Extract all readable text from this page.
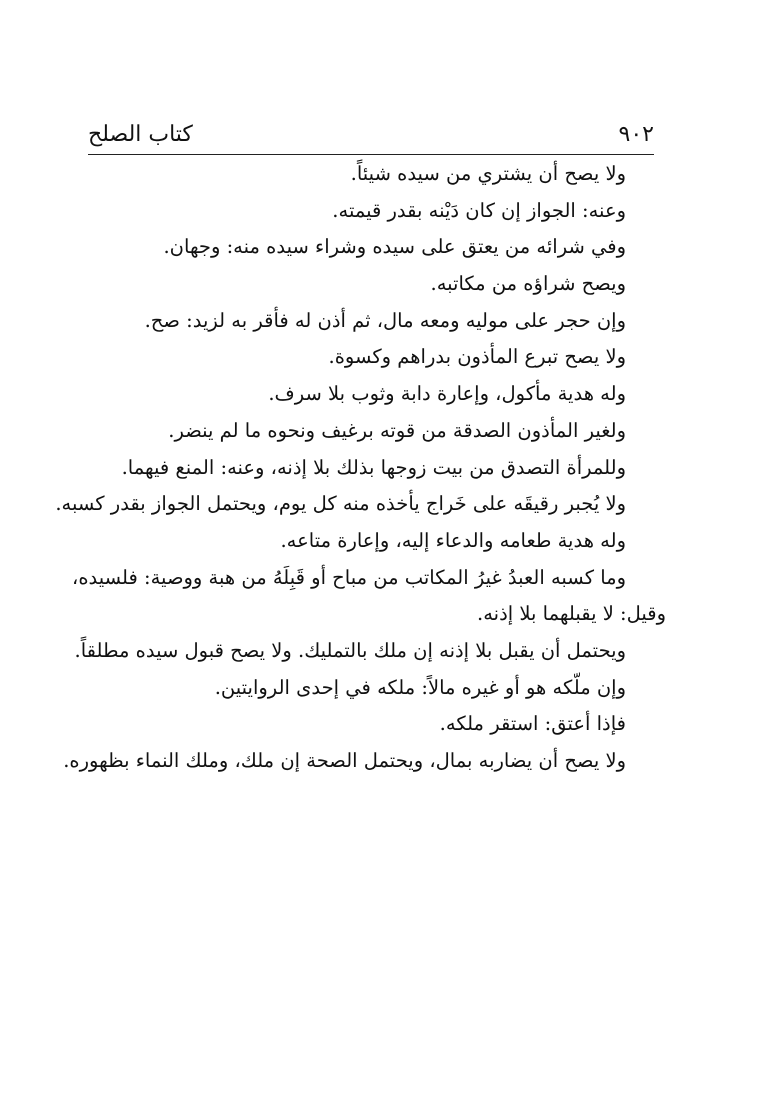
كتاب الصلح	٩٠٢
ولا يصح أن يشتري من سيده شيئاً.
وعنه: الجواز إن كان دَيْنه بقدر قيمته.
وفي شرائه من يعتق على سيده وشراء سيده منه: وجهان.
ويصح شراؤه من مكاتبه.
وإن حجر على موليه ومعه مال، ثم أذن له فأقر به لزيد: صح.
ولا يصح تبرع المأذون بدراهم وكسوة.
وله هدية مأكول، وإعارة دابة وثوب بلا سرف.
ولغير المأذون الصدقة من قوته برغيف ونحوه ما لم ينضر.
وللمرأة التصدق من بيت زوجها بذلك بلا إذنه، وعنه: المنع فيهما.
ولا يُجبر رقيقَه على خَراج يأخذه منه كل يوم، ويحتمل الجواز بقدر كسبه.
وله هدية طعامه والدعاء إليه، وإعارة متاعه.
وما كسبه العبدُ غيرُ المكاتب من مباح أو قَبِلَهُ من هبة ووصية: فلسيده،
وقيل: لا يقبلهما بلا إذنه.
ويحتمل أن يقبل بلا إذنه إن ملك بالتمليك. ولا يصح قبول سيده مطلقاً.
وإن ملّكه هو أو غيره مالاً: ملكه في إحدى الروايتين.
فإذا أعتق: استقر ملكه.
ولا يصح أن يضاربه بمال، ويحتمل الصحة إن ملك، وملك النماء بظهوره.
